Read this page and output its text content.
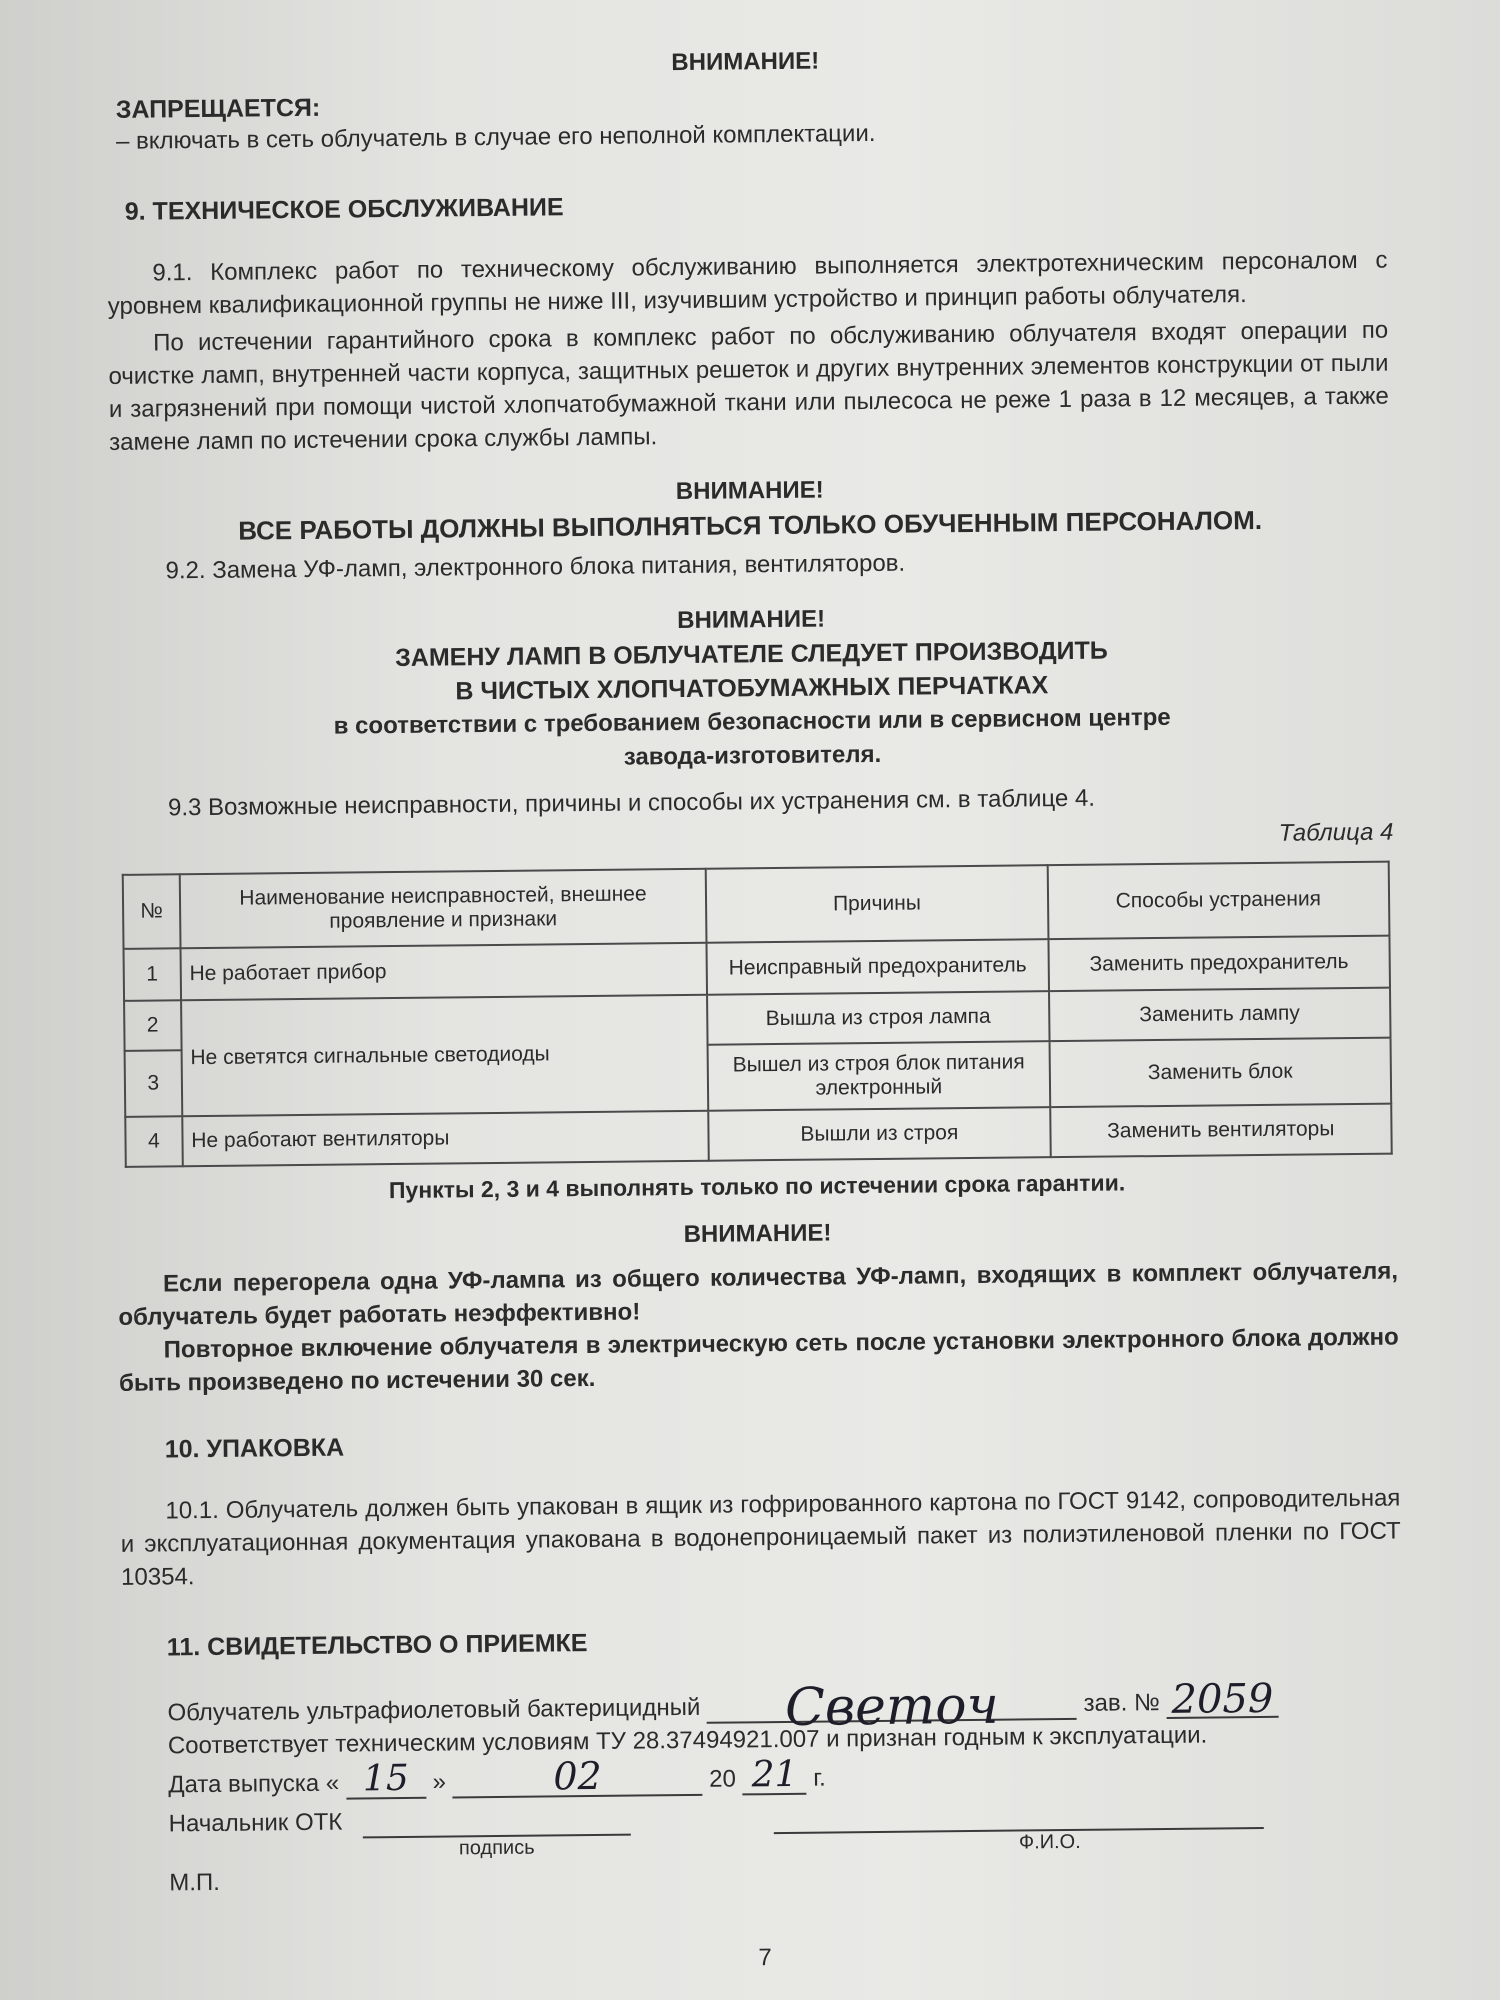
ВНИМАНИЕ!

ЗАПРЕЩАЕТСЯ:

– включать в сеть облучатель в случае его неполной комплектации.

9. ТЕХНИЧЕСКОЕ ОБСЛУЖИВАНИЕ

9.1. Комплекс работ по техническому обслуживанию выполняется электротехническим персоналом с уровнем квалификационной группы не ниже III, изучившим устройство и принцип работы облучателя.

По истечении гарантийного срока в комплекс работ по обслуживанию облучателя входят операции по очистке ламп, внутренней части корпуса, защитных решеток и других внутренних элементов конструкции от пыли и загрязнений при помощи чистой хлопчатобумажной ткани или пылесоса не реже 1 раза в 12 месяцев, а также замене ламп по истечении срока службы лампы.

ВНИМАНИЕ!

ВСЕ РАБОТЫ ДОЛЖНЫ ВЫПОЛНЯТЬСЯ ТОЛЬКО ОБУЧЕННЫМ ПЕРСОНАЛОМ.

9.2. Замена УФ-ламп, электронного блока питания, вентиляторов.

ВНИМАНИЕ!

ЗАМЕНУ ЛАМП В ОБЛУЧАТЕЛЕ СЛЕДУЕТ ПРОИЗВОДИТЬ

В ЧИСТЫХ ХЛОПЧАТОБУМАЖНЫХ ПЕРЧАТКАХ

в соответствии с требованием безопасности или в сервисном центре

завода-изготовителя.

9.3 Возможные неисправности, причины и способы их устранения см. в таблице 4.

Таблица 4

№	Наименование неисправностей, внешнее проявление и признаки	Причины	Способы устранения
1	Не работает прибор	Неисправный предохранитель	Заменить предохранитель
2	Не светятся сигнальные светодиоды	Вышла из строя лампа	Заменить лампу
3		Вышел из строя блок питания электронный	Заменить блок
4	Не работают вентиляторы	Вышли из строя	Заменить вентиляторы

Пункты 2, 3 и 4 выполнять только по истечении срока гарантии.

ВНИМАНИЕ!

Если перегорела одна УФ-лампа из общего количества УФ-ламп, входящих в комплект облучателя, облучатель будет работать неэффективно!

Повторное включение облучателя в электрическую сеть после установки электронного блока должно быть произведено по истечении 30 сек.

10. УПАКОВКА

10.1. Облучатель должен быть упакован в ящик из гофрированного картона по ГОСТ 9142, сопроводительная и эксплуатационная документация упакована в водонепроницаемый пакет из полиэтиленовой пленки по ГОСТ 10354.

11. СВИДЕТЕЛЬСТВО О ПРИЕМКЕ

Облучатель ультрафиолетовый бактерицидный	Светоч	зав. № 2059

Соответствует техническим условиям ТУ 28.37494921.007 и признан годным к эксплуатации.

Дата выпуска « 15 »	02	20 21 г.
Начальник ОТК
подпись	Ф.И.О.

М.П.

7
